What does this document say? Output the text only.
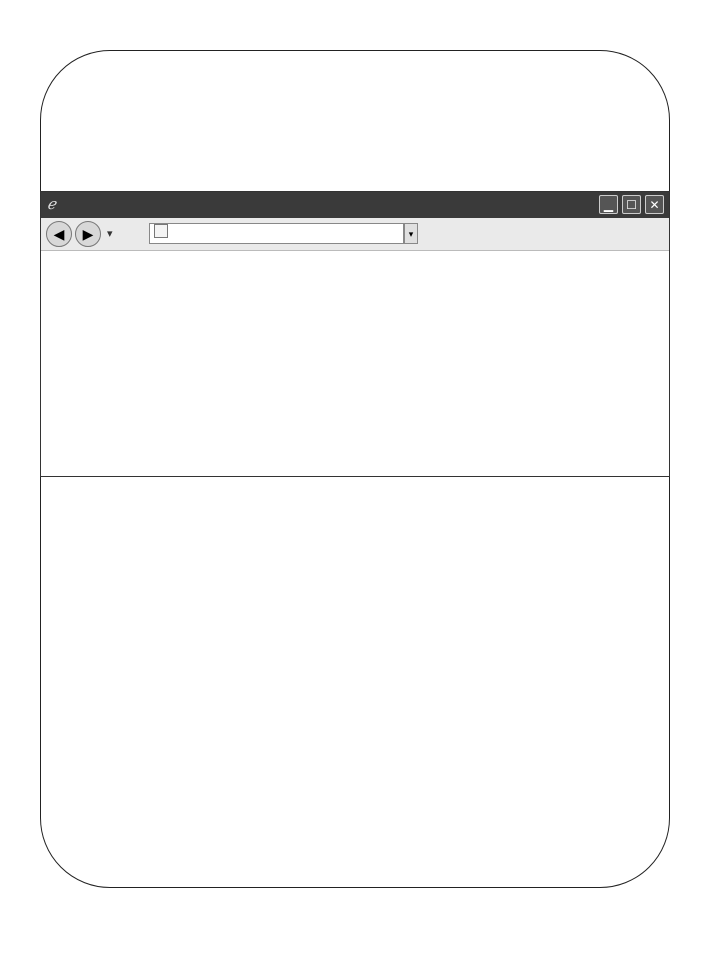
ℯ	▁	☐	✕
◀	▶	▾	▾
